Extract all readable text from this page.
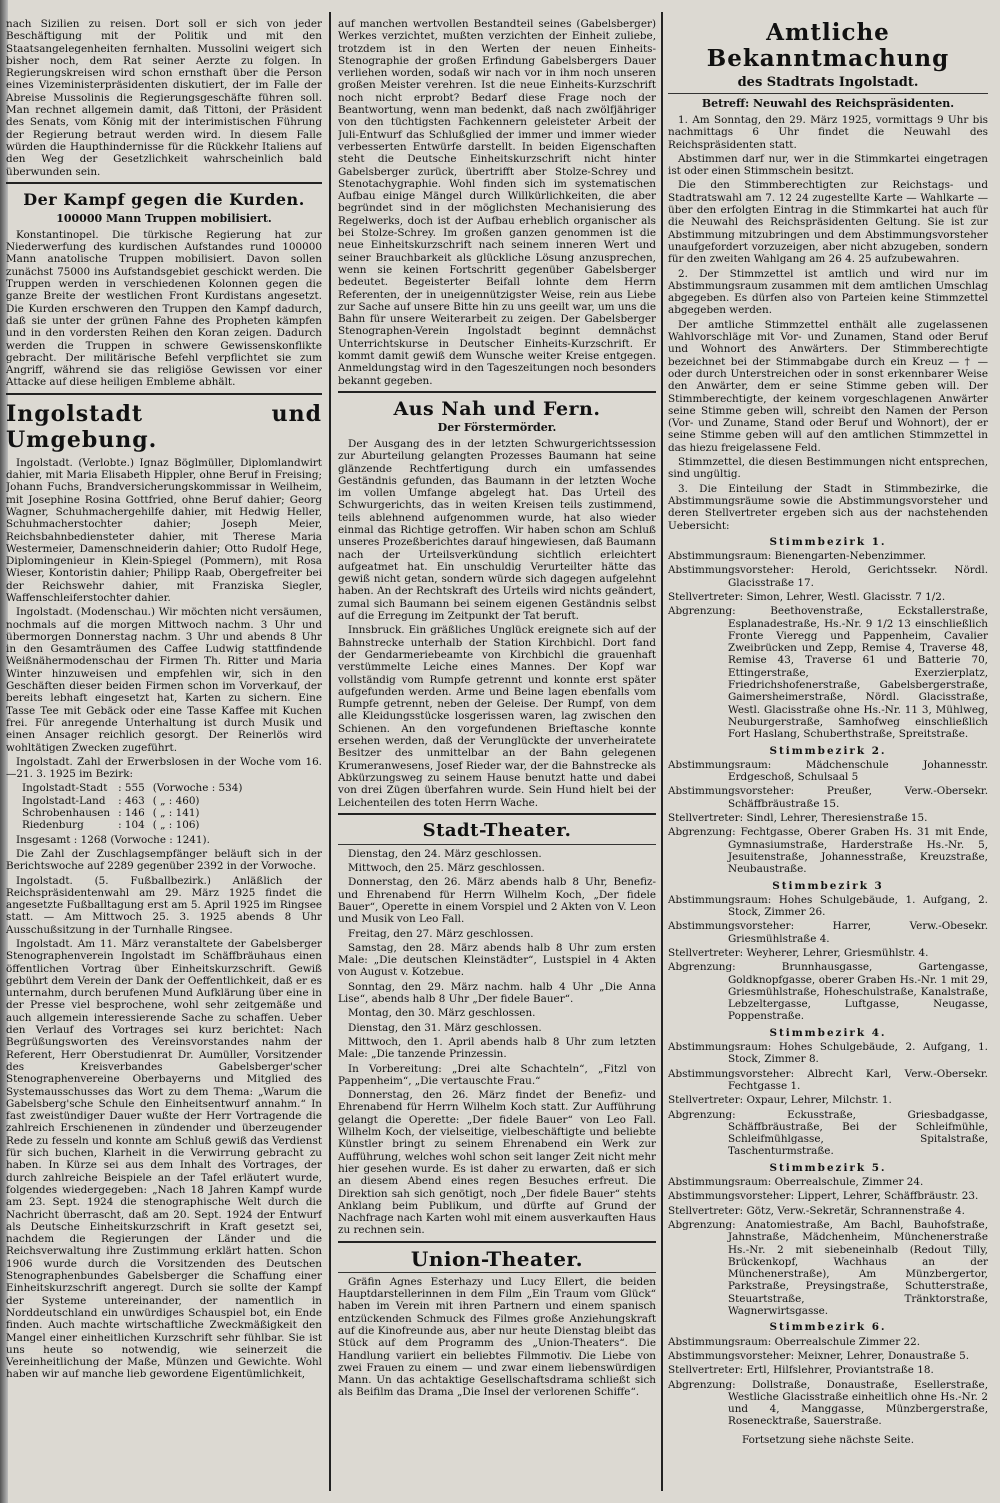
nach Sizilien zu reisen. Dort soll er sich von jeder Beschäftigung mit der Politik und mit den Staatsangelegenheiten fernhalten. Mussolini weigert sich bisher noch, dem Rat seiner Aerzte zu folgen. In Regierungskreisen wird schon ernsthaft über die Person eines Vizeministerpräsidenten diskutiert, der im Falle der Abreise Mussolinis die Regierungsgeschäfte führen soll. Man rechnet allgemein damit, daß Tittoni, der Präsident des Senats, vom König mit der interimistischen Führung der Regierung betraut werden wird. In diesem Falle würden die Haupthindernisse für die Rückkehr Italiens auf den Weg der Gesetzlichkeit wahrscheinlich bald überwunden sein.

Der Kampf gegen die Kurden.
100000 Mann Truppen mobilisiert.

Konstantinopel. Die türkische Regierung hat zur Niederwerfung des kurdischen Aufstandes rund 100000 Mann anatolische Truppen mobilisiert. Davon sollen zunächst 75000 ins Aufstandsgebiet geschickt werden. Die Truppen werden in verschiedenen Kolonnen gegen die ganze Breite der westlichen Front Kurdistans angesetzt. Die Kurden erschweren den Truppen den Kampf dadurch, daß sie unter der grünen Fahne des Propheten kämpfen und in den vordersten Reihen den Koran zeigen. Dadurch werden die Truppen in schwere Gewissenskonflikte gebracht. Der militärische Befehl verpflichtet sie zum Angriff, während sie das religiöse Gewissen vor einer Attacke auf diese heiligen Embleme abhält.

Ingolstadt und Umgebung.

Ingolstadt. (Verlobte.) Ignaz Böglmüller, Diplomlandwirt dahier, mit Maria Elisabeth Hippler, ohne Beruf in Freising; Johann Fuchs, Brandversicherungskommissar in Weilheim, mit Josephine Rosina Gottfried, ohne Beruf dahier; Georg Wagner, Schuhmachergehilfe dahier, mit Hedwig Heller, Schuhmacherstochter dahier; Joseph Meier, Reichsbahnbediensteter dahier, mit Therese Maria Westermeier, Damenschneiderin dahier; Otto Rudolf Hege, Diplomingenieur in Klein-Spiegel (Pommern), mit Rosa Wieser, Kontoristin dahier; Philipp Raab, Obergefreiter bei der Reichswehr dahier, mit Franziska Siegler, Waffenschleiferstochter dahier.

Ingolstadt. (Modenschau.) Wir möchten nicht versäumen, nochmals auf die morgen Mittwoch nachm. 3 Uhr und übermorgen Donnerstag nachm. 3 Uhr und abends 8 Uhr in den Gesamträumen des Caffee Ludwig stattfindende Weißnähermodenschau der Firmen Th. Ritter und Maria Winter hinzuweisen und empfehlen wir, sich in den Geschäften dieser beiden Firmen schon im Vorverkauf, der bereits lebhaft eingesetzt hat, Karten zu sichern. Eine Tasse Tee mit Gebäck oder eine Tasse Kaffee mit Kuchen frei. Für anregende Unterhaltung ist durch Musik und einen Ansager reichlich gesorgt. Der Reinerlös wird wohltätigen Zwecken zugeführt.

Ingolstadt. Zahl der Erwerbslosen in der Woche vom 16.—21. 3. 1925 im Bezirk:

Ingolstadt-Stadt	: 555	(Vorwoche : 534)
Ingolstadt-Land	: 463	( „ : 460)
Schrobenhausen	: 146	( „ : 141)
Riedenburg	: 104	( „ : 106)

Insgesamt : 1268 (Vorwoche : 1241).

Die Zahl der Zuschlagsempfänger beläuft sich in der Berichtswoche auf 2289 gegenüber 2392 in der Vorwoche.

Ingolstadt. (5. Fußballbezirk.) Anläßlich der Reichspräsidentenwahl am 29. März 1925 findet die angesetzte Fußballtagung erst am 5. April 1925 im Ringsee statt. — Am Mittwoch 25. 3. 1925 abends 8 Uhr Ausschußsitzung in der Turnhalle Ringsee.

Ingolstadt. Am 11. März veranstaltete der Gabelsberger Stenographenverein Ingolstadt im Schäffbräuhaus einen öffentlichen Vortrag über Einheitskurzschrift. Gewiß gebührt dem Verein der Dank der Oeffentlichkeit, daß er es unternahm, durch berufenen Mund Aufklärung über eine in der Presse viel besprochene, wohl sehr zeitgemäße und auch allgemein interessierende Sache zu schaffen. Ueber den Verlauf des Vortrages sei kurz berichtet: Nach Begrüßungsworten des Vereinsvorstandes nahm der Referent, Herr Oberstudienrat Dr. Aumüller, Vorsitzender des Kreisverbandes Gabelsberger'scher Stenographenvereine Oberbayerns und Mitglied des Systemausschusses das Wort zu dem Thema: „Warum die Gabelsberg'sche Schule den Einheitsentwurf annahm.“ In fast zweistündiger Dauer wußte der Herr Vortragende die zahlreich Erschienenen in zündender und überzeugender Rede zu fesseln und konnte am Schluß gewiß das Verdienst für sich buchen, Klarheit in die Verwirrung gebracht zu haben. In Kürze sei aus dem Inhalt des Vortrages, der durch zahlreiche Beispiele an der Tafel erläutert wurde, folgendes wiedergegeben: „Nach 18 Jahren Kampf wurde am 23. Sept. 1924 die stenographische Welt durch die Nachricht überrascht, daß am 20. Sept. 1924 der Entwurf als Deutsche Einheitskurzschrift in Kraft gesetzt sei, nachdem die Regierungen der Länder und die Reichsverwaltung ihre Zustimmung erklärt hatten. Schon 1906 wurde durch die Vorsitzenden des Deutschen Stenographenbundes Gabelsberger die Schaffung einer Einheitskurzschrift angeregt. Durch sie sollte der Kampf der Systeme untereinander, der namentlich in Norddeutschland ein unwürdiges Schauspiel bot, ein Ende finden. Auch machte wirtschaftliche Zweckmäßigkeit den Mangel einer einheitlichen Kurzschrift sehr fühlbar. Sie ist uns heute so notwendig, wie seinerzeit die Vereinheitlichung der Maße, Münzen und Gewichte. Wohl haben wir auf manche lieb gewordene Eigentümlichkeit,

auf manchen wertvollen Bestandteil seines (Gabelsberger) Werkes verzichtet, mußten verzichten der Einheit zuliebe, trotzdem ist in den Werten der neuen Einheits-Stenographie der großen Erfindung Gabelsbergers Dauer verliehen worden, sodaß wir nach vor in ihm noch unseren großen Meister verehren. Ist die neue Einheits-Kurzschrift noch nicht erprobt? Bedarf diese Frage noch der Beantwortung, wenn man bedenkt, daß nach zwölfjähriger von den tüchtigsten Fachkennern geleisteter Arbeit der Juli-Entwurf das Schlußglied der immer und immer wieder verbesserten Entwürfe darstellt. In beiden Eigenschaften steht die Deutsche Einheitskurzschrift nicht hinter Gabelsberger zurück, übertrifft aber Stolze-Schrey und Stenotachygraphie. Wohl finden sich im systematischen Aufbau einige Mängel durch Willkürlichkeiten, die aber begründet sind in der möglichsten Mechanisierung des Regelwerks, doch ist der Aufbau erheblich organischer als bei Stolze-Schrey. Im großen ganzen genommen ist die neue Einheitskurzschrift nach seinem inneren Wert und seiner Brauchbarkeit als glückliche Lösung anzusprechen, wenn sie keinen Fortschritt gegenüber Gabelsberger bedeutet. Begeisterter Beifall lohnte dem Herrn Referenten, der in uneigennützigster Weise, rein aus Liebe zur Sache auf unsere Bitte hin zu uns geeilt war, um uns die Bahn für unsere Weiterarbeit zu zeigen. Der Gabelsberger Stenographen-Verein Ingolstadt beginnt demnächst Unterrichtskurse in Deutscher Einheits-Kurzschrift. Er kommt damit gewiß dem Wunsche weiter Kreise entgegen. Anmeldungstag wird in den Tageszeitungen noch besonders bekannt gegeben.

Aus Nah und Fern.
Der Förstermörder.

Der Ausgang des in der letzten Schwurgerichtssession zur Aburteilung gelangten Prozesses Baumann hat seine glänzende Rechtfertigung durch ein umfassendes Geständnis gefunden, das Baumann in der letzten Woche im vollen Umfange abgelegt hat. Das Urteil des Schwurgerichts, das in weiten Kreisen teils zustimmend, teils ablehnend aufgenommen wurde, hat also wieder einmal das Richtige getroffen. Wir haben schon am Schluß unseres Prozeßberichtes darauf hingewiesen, daß Baumann nach der Urteilsverkündung sichtlich erleichtert aufgeatmet hat. Ein unschuldig Verurteilter hätte das gewiß nicht getan, sondern würde sich dagegen aufgelehnt haben. An der Rechtskraft des Urteils wird nichts geändert, zumal sich Baumann bei seinem eigenen Geständnis selbst auf die Erregung im Zeitpunkt der Tat beruft.

Innsbruck. Ein gräßliches Unglück ereignete sich auf der Bahnstrecke unterhalb der Station Kirchbichl. Dort fand der Gendarmeriebeamte von Kirchbichl die grauenhaft verstümmelte Leiche eines Mannes. Der Kopf war vollständig vom Rumpfe getrennt und konnte erst später aufgefunden werden. Arme und Beine lagen ebenfalls vom Rumpfe getrennt, neben der Geleise. Der Rumpf, von dem alle Kleidungsstücke losgerissen waren, lag zwischen den Schienen. An den vorgefundenen Brieftasche konnte ersehen werden, daß der Verunglückte der unverheiratete Besitzer des unmittelbar an der Bahn gelegenen Krumeranwesens, Josef Rieder war, der die Bahnstrecke als Abkürzungsweg zu seinem Hause benutzt hatte und dabei von drei Zügen überfahren wurde. Sein Hund hielt bei der Leichenteilen des toten Herrn Wache.

Stadt-Theater.

Dienstag, den 24. März geschlossen.

Mittwoch, den 25. März geschlossen.

Donnerstag, den 26. März abends halb 8 Uhr, Benefiz- und Ehrenabend für Herrn Wilhelm Koch, „Der fidele Bauer“, Operette in einem Vorspiel und 2 Akten von V. Leon und Musik von Leo Fall.

Freitag, den 27. März geschlossen.

Samstag, den 28. März abends halb 8 Uhr zum ersten Male: „Die deutschen Kleinstädter“, Lustspiel in 4 Akten von August v. Kotzebue.

Sonntag, den 29. März nachm. halb 4 Uhr „Die Anna Lise“, abends halb 8 Uhr „Der fidele Bauer“.

Montag, den 30. März geschlossen.

Dienstag, den 31. März geschlossen.

Mittwoch, den 1. April abends halb 8 Uhr zum letzten Male: „Die tanzende Prinzessin.

In Vorbereitung: „Drei alte Schachteln“, „Fitzl von Pappenheim“, „Die vertauschte Frau.“

Donnerstag, den 26. März findet der Benefiz- und Ehrenabend für Herrn Wilhelm Koch statt. Zur Aufführung gelangt die Operette: „Der fidele Bauer“ von Leo Fall. Wilhelm Koch, der vielseitige, vielbeschäftigte und beliebte Künstler bringt zu seinem Ehrenabend ein Werk zur Aufführung, welches wohl schon seit langer Zeit nicht mehr hier gesehen wurde. Es ist daher zu erwarten, daß er sich an diesem Abend eines regen Besuches erfreut. Die Direktion sah sich genötigt, noch „Der fidele Bauer“ stehts Anklang beim Publikum, und dürfte auf Grund der Nachfrage nach Karten wohl mit einem ausverkauften Haus zu rechnen sein.

Union-Theater.

Gräfin Agnes Esterhazy und Lucy Ellert, die beiden Hauptdarstellerinnen in dem Film „Ein Traum vom Glück“ haben im Verein mit ihren Partnern und einem spanisch entzückenden Schmuck des Filmes große Anziehungskraft auf die Kinofreunde aus, aber nur heute Dienstag bleibt das Stück auf dem Programm des „Union-Theaters“. Die Handlung variiert ein beliebtes Filmmotiv. Die Liebe von zwei Frauen zu einem — und zwar einem liebenswürdigen Mann. Un das achtaktige Gesellschaftsdrama schließt sich als Beifilm das Drama „Die Insel der verlorenen Schiffe“.

Amtliche Bekanntmachung
des Stadtrats Ingolstadt.
Betreff: Neuwahl des Reichspräsidenten.

1. Am Sonntag, den 29. März 1925, vormittags 9 Uhr bis nachmittags 6 Uhr findet die Neuwahl des Reichspräsidenten statt.

Abstimmen darf nur, wer in die Stimmkartei eingetragen ist oder einen Stimmschein besitzt.

Die den Stimmberechtigten zur Reichstags- und Stadtratswahl am 7. 12 24 zugestellte Karte — Wahlkarte — über den erfolgten Eintrag in die Stimmkartei hat auch für die Neuwahl des Reichspräsidenten Geltung. Sie ist zur Abstimmung mitzubringen und dem Abstimmungsvorsteher unaufgefordert vorzuzeigen, aber nicht abzugeben, sondern für den zweiten Wahlgang am 26 4. 25 aufzubewahren.

2. Der Stimmzettel ist amtlich und wird nur im Abstimmungsraum zusammen mit dem amtlichen Umschlag abgegeben. Es dürfen also von Parteien keine Stimmzettel abgegeben werden.

Der amtliche Stimmzettel enthält alle zugelassenen Wahlvorschläge mit Vor- und Zunamen, Stand oder Beruf und Wohnort des Anwärters. Der Stimmberechtigte bezeichnet bei der Stimmabgabe durch ein Kreuz — † — oder durch Unterstreichen oder in sonst erkennbarer Weise den Anwärter, dem er seine Stimme geben will. Der Stimmberechtigte, der keinem vorgeschlagenen Anwärter seine Stimme geben will, schreibt den Namen der Person (Vor- und Zuname, Stand oder Beruf und Wohnort), der er seine Stimme geben will auf den amtlichen Stimmzettel in das hiezu freigelassene Feld.

Stimmzettel, die diesen Bestimmungen nicht entsprechen, sind ungültig.

3. Die Einteilung der Stadt in Stimmbezirke, die Abstimmungsräume sowie die Abstimmungsvorsteher und deren Stellvertreter ergeben sich aus der nachstehenden Uebersicht:

Stimmbezirk 1.

Abstimmungsraum: Bienengarten-Nebenzimmer.

Abstimmungsvorsteher: Herold, Gerichtssekr. Nördl. Glacisstraße 17.

Stellvertreter: Simon, Lehrer, Westl. Glacisstr. 7 1/2.

Abgrenzung: Beethovenstraße, Eckstallerstraße, Esplanadestraße, Hs.-Nr. 9 1/2 13 einschließlich Fronte Vieregg und Pappenheim, Cavalier Zweibrücken und Zepp, Remise 4, Traverse 48, Remise 43, Traverse 61 und Batterie 70, Ettingerstraße, Exerzierplatz, Friedrichshofenerstraße, Gabelsbergerstraße, Gaimersheimerstraße, Nördl. Glacisstraße, Westl. Glacisstraße ohne Hs.-Nr. 11 3, Mühlweg, Neuburgerstraße, Samhofweg einschließlich Fort Haslang, Schuberthstraße, Spreitstraße.

Stimmbezirk 2.

Abstimmungsraum: Mädchenschule Johannesstr. Erdgeschoß, Schulsaal 5

Abstimmungsvorsteher: Preußer, Verw.-Obersekr. Schäffbräustraße 15.

Stellvertreter: Sindl, Lehrer, Theresienstraße 15.

Abgrenzung: Fechtgasse, Oberer Graben Hs. 31 mit Ende, Gymnasiumstraße, Harderstraße Hs.-Nr. 5, Jesuitenstraße, Johannesstraße, Kreuzstraße, Neubaustraße.

Stimmbezirk 3

Abstimmungsraum: Hohes Schulgebäude, 1. Aufgang, 2. Stock, Zimmer 26.

Abstimmungsvorsteher: Harrer, Verw.-Obesekr. Griesmühlstraße 4.

Stellvertreter: Weyherer, Lehrer, Griesmühlstr. 4.

Abgrenzung: Brunnhausgasse, Gartengasse, Goldknopfgasse, oberer Graben Hs.-Nr. 1 mit 29, Griesmühlstraße, Hoheschulstraße, Kanalstraße, Lebzeltergasse, Luftgasse, Neugasse, Poppenstraße.

Stimmbezirk 4.

Abstimmungsraum: Hohes Schulgebäude, 2. Aufgang, 1. Stock, Zimmer 8.

Abstimmungsvorsteher: Albrecht Karl, Verw.-Obersekr. Fechtgasse 1.

Stellvertreter: Oxpaur, Lehrer, Milchstr. 1.

Abgrenzung: Eckusstraße, Griesbadgasse, Schäffbräustraße, Bei der Schleifmühle, Schleifmühlgasse, Spitalstraße, Taschenturmstraße.

Stimmbezirk 5.

Abstimmungsraum: Oberrealschule, Zimmer 24.

Abstimmungsvorsteher: Lippert, Lehrer, Schäffbräustr. 23.

Stellvertreter: Götz, Verw.-Sekretär, Schrannenstraße 4.

Abgrenzung: Anatomiestraße, Am Bachl, Bauhofstraße, Jahnstraße, Mädchenheim, Münchenerstraße Hs.-Nr. 2 mit siebeneinhalb (Redout Tilly, Brückenkopf, Wachhaus an der Münchenerstraße), Am Münzbergertor, Parkstraße, Preysingstraße, Schutterstraße, Steuartstraße, Tränktorstraße, Wagnerwirtsgasse.

Stimmbezirk 6.

Abstimmungsraum: Oberrealschule Zimmer 22.

Abstimmungsvorsteher: Meixner, Lehrer, Donaustraße 5.

Stellvertreter: Ertl, Hilfslehrer, Proviantstraße 18.

Abgrenzung: Dollstraße, Donaustraße, Esellerstraße, Westliche Glacisstraße einheitlich ohne Hs.-Nr. 2 und 4, Manggasse, Münzbergerstraße, Rosenecktraße, Sauerstraße.

Fortsetzung siehe nächste Seite.
